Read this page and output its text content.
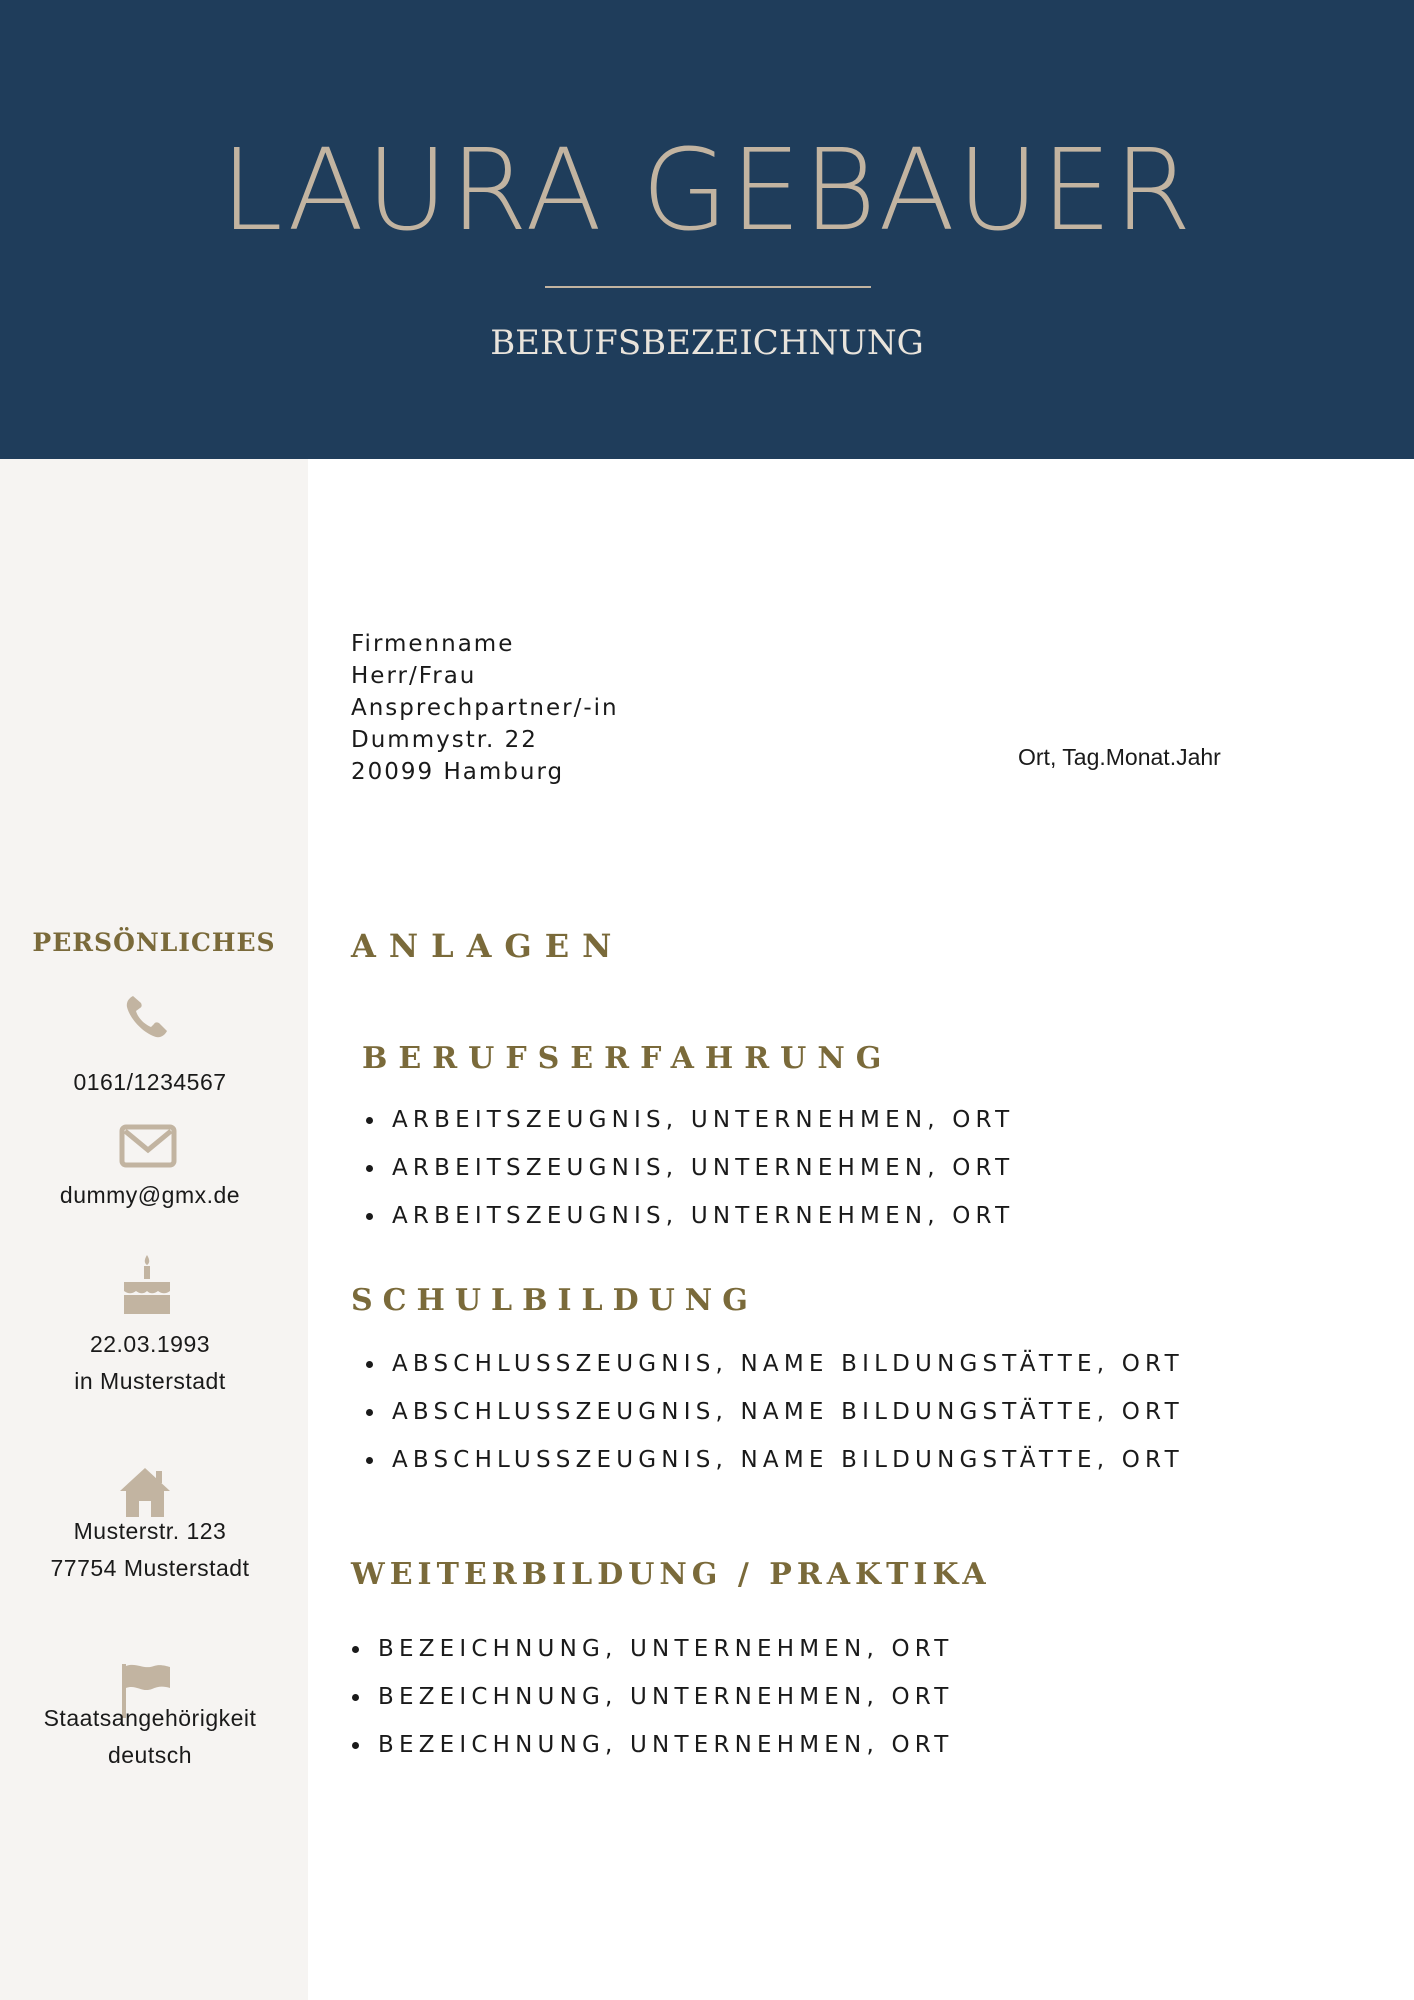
LAURA GEBAUER
BERUFSBEZEICHNUNG
PERSÖNLICHES
0161/1234567
dummy@gmx.de
22.03.1993
in Musterstadt
Musterstr. 123
77754 Musterstadt
Staatsangehörigkeit
deutsch
Firmenname
Herr/Frau
Ansprechpartner/-in
Dummystr. 22
20099 Hamburg
Ort, Tag.Monat.Jahr
ANLAGEN
BERUFSERFAHRUNG
ARBEITSZEUGNIS, UNTERNEHMEN, ORT
ARBEITSZEUGNIS, UNTERNEHMEN, ORT
ARBEITSZEUGNIS, UNTERNEHMEN, ORT
SCHULBILDUNG
ABSCHLUSSZEUGNIS, NAME BILDUNGSTÄTTE, ORT
ABSCHLUSSZEUGNIS, NAME BILDUNGSTÄTTE, ORT
ABSCHLUSSZEUGNIS, NAME BILDUNGSTÄTTE, ORT
WEITERBILDUNG / PRAKTIKA
BEZEICHNUNG, UNTERNEHMEN, ORT
BEZEICHNUNG, UNTERNEHMEN, ORT
BEZEICHNUNG, UNTERNEHMEN, ORT
